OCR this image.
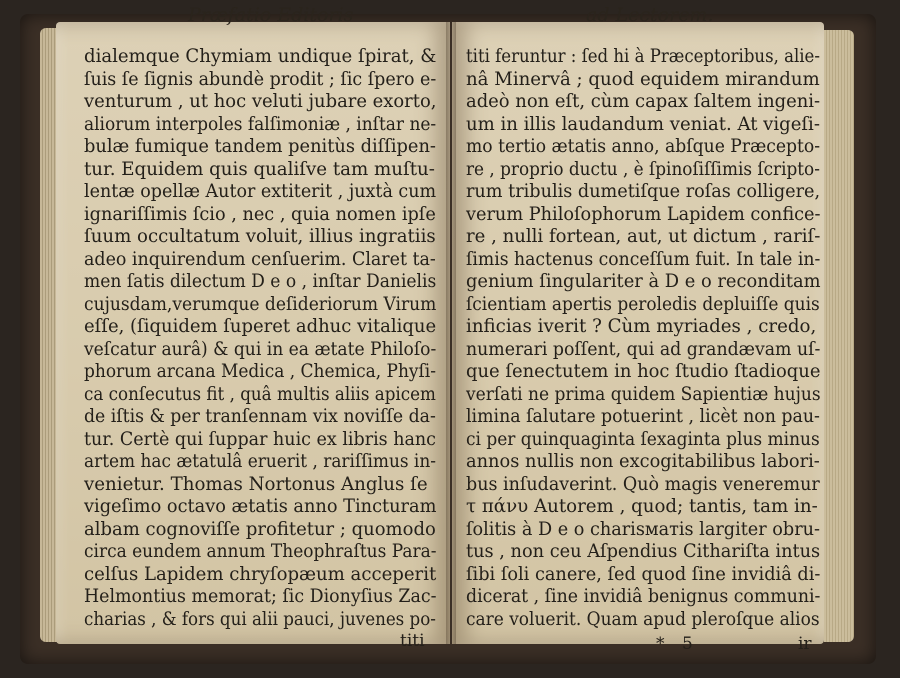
Præfatio Editoris	ad Lectorem.
dialemque Chymiam undique ſpirat, &
ſuis ſe ſignis abundè prodit ; ſic ſpero e-
venturum , ut hoc veluti jubare exorto,
aliorum interpoles falſimoniæ , inſtar ne-
bulæ fumique tandem penitùs diſſipen-
tur. Equidem quis qualiſve tam muſtu-
lentæ opellæ Autor extiterit , juxtà cum
ignariſſimis ſcio , nec , quia nomen ipſe
ſuum occultatum voluit, illius ingratiis
adeo inquirendum cenſuerim. Claret ta-
men ſatis dilectum D e o , inſtar Danielis
cujusdam,verumque deſideriorum Virum
eſſe, (ſiquidem ſuperet adhuc vitalique
veſcatur aurâ) & qui in ea ætate Philoſo-
phorum arcana Medica , Chemica, Phyſi-
ca conſecutus fit , quâ multis aliis apicem
de iſtis & per tranſennam vix noviſſe da-
tur. Certè qui ſuppar huic ex libris hanc
artem hac ætatulâ eruerit , rariſſimus in-
venietur. Thomas Nortonus Anglus ſe
vigeſimo octavo ætatis anno Tincturam
albam cognoviſſe profitetur ; quomodo
circa eundem annum Theophraſtus Para-
celſus Lapidem chryſopæum acceperit
Helmontius memorat; ſic Dionyſius Zac-
charias , & fors qui alii pauci, juvenes po-
titi feruntur : ſed hi à Præceptoribus, alie-
nâ Minervâ ; quod equidem mirandum
adeò non eſt, cùm capax ſaltem ingeni-
um in illis laudandum veniat. At vigeſi-
mo tertio ætatis anno, abſque Præcepto-
re , proprio ductu , è ſpinoſiſſimis ſcripto-
rum tribulis dumetiſque roſas colligere,
verum Philoſophorum Lapidem confice-
re , nulli fortean, aut, ut dictum , rariſ-
ſimis hactenus conceſſum fuit. In tale in-
genium ſingulariter à D e o reconditam
ſcientiam apertis peroledis depluiſſe quis
inficias iverit ? Cùm myriades , credo,
numerari poſſent, qui ad grandævam uſ-
que ſenectutem in hoc ſtudio ſtadioque
verſati ne prima quidem Sapientiæ hujus
limina ſalutare potuerint , licèt non pau-
ci per quinquaginta ſexaginta plus minus
annos nullis non excogitabilibus labori-
bus inſudaverint. Quò magis veneremur
τ πάνυ Autorem , quod; tantis, tam in-
ſolitis à D e o charisматis largiter obru-
tus , non ceu Aſpendius Cithariſta intus
ſibi ſoli canere, ſed quod ſine invidiâ di-
dicerat , ſine invidiâ benignus communi-
care voluerit. Quam apud pleroſque alios
titi	* 5	ir
